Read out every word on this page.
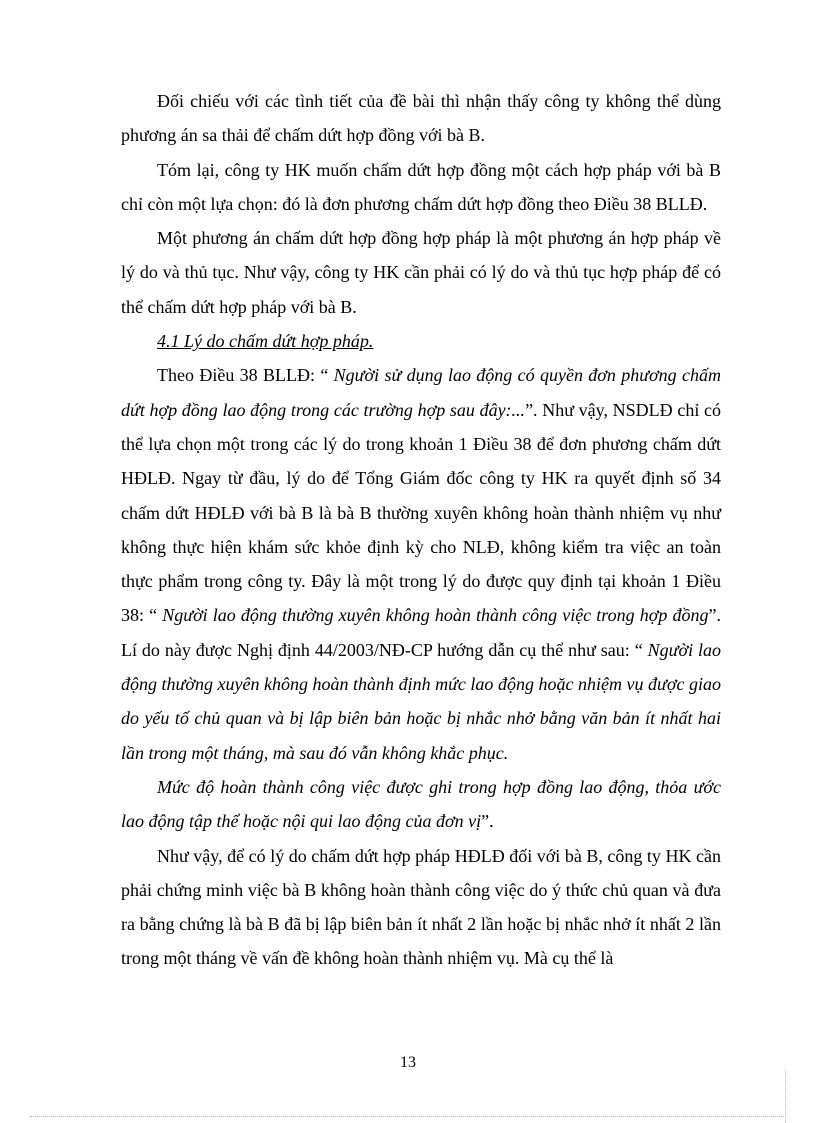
Đối chiếu với các tình tiết của đề bài thì nhận thấy công ty không thể dùng phương án sa thải để chấm dứt hợp đồng với bà B.

Tóm lại, công ty HK muốn chấm dứt hợp đồng một cách hợp pháp với bà B chỉ còn một lựa chọn: đó là đơn phương chấm dứt hợp đồng theo Điều 38 BLLĐ.

Một phương án chấm dứt hợp đồng hợp pháp là một phương án hợp pháp về lý do và thủ tục. Như vậy, công ty HK cần phải có lý do và thủ tục hợp pháp để có thể chấm dứt hợp pháp với bà B.

4.1 Lý do chấm dứt hợp pháp.

Theo Điều 38 BLLĐ: “ Người sử dụng lao động có quyền đơn phương chấm dứt hợp đồng lao động trong các trường hợp sau đây:...”. Như vậy, NSDLĐ chỉ có thể lựa chọn một trong các lý do trong khoản 1 Điều 38 để đơn phương chấm dứt HĐLĐ. Ngay từ đầu, lý do để Tổng Giám đốc công ty HK ra quyết định số 34 chấm dứt HĐLĐ với bà B là bà B thường xuyên không hoàn thành nhiệm vụ như không thực hiện khám sức khỏe định kỳ cho NLĐ, không kiểm tra việc an toàn thực phẩm trong công ty. Đây là một trong lý do được quy định tại khoản 1 Điều 38: “ Người lao động thường xuyên không hoàn thành công việc trong hợp đồng”. Lí do này được Nghị định 44/2003/NĐ-CP hướng dẫn cụ thể như sau: “ Người lao động thường xuyên không hoàn thành định mức lao động hoặc nhiệm vụ được giao do yếu tố chủ quan và bị lập biên bản hoặc bị nhắc nhở bằng văn bản ít nhất hai lần trong một tháng, mà sau đó vẫn không khắc phục.

Mức độ hoàn thành công việc được ghi trong hợp đồng lao động, thỏa ước lao động tập thể hoặc nội qui lao động của đơn vị”.

Như vậy, để có lý do chấm dứt hợp pháp HĐLĐ đối với bà B, công ty HK cần phải chứng minh việc bà B không hoàn thành công việc do ý thức chủ quan và đưa ra bằng chứng là bà B đã bị lập biên bản ít nhất 2 lần hoặc bị nhắc nhở ít nhất 2 lần trong một tháng về vấn đề không hoàn thành nhiệm vụ. Mà cụ thể là

13
